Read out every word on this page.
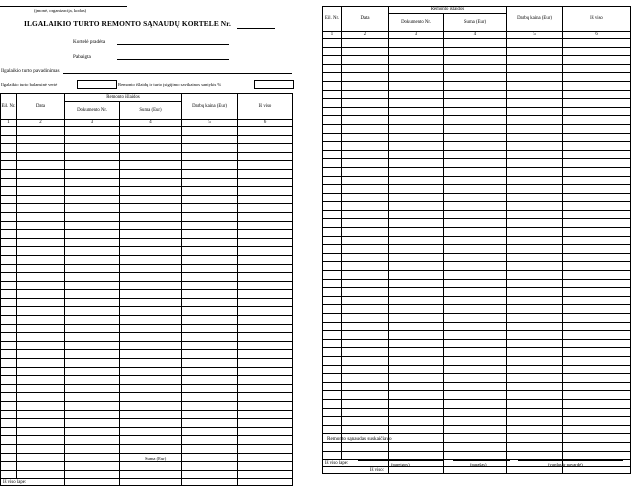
(įmonė, organizacija, kodas)
ILGALAIKIO TURTO REMONTO SĄNAUDŲ KORTELE Nr.
Kortelė pradėta
Pabaigta
Ilgalaikio turto pavadinimas
Ilgalaikio turto balansinė vertė	Remonto išlaidų ir turto įsigijimo savikainos santykis %
Eil. Nr.	Data	Remonto išlaidos		Darbų kaina (Eur)	Iš viso
		Dokumento Nr.	Suma (Eur)		
1	2	3	4	5	6

Iš viso lape:					
Suma (Eur)
Eil. Nr.	Data	Remonto išlaidos		Darbų kaina (Eur)	Iš viso
		Dokumento Nr.	Suma (Eur)		
1	2	3	4	5	6

Iš viso lape:					
Iš viso:					
Remonto sąnaudas suskaičiavo
(pareigos)	(parašas)	(vardas ir pavardė)
